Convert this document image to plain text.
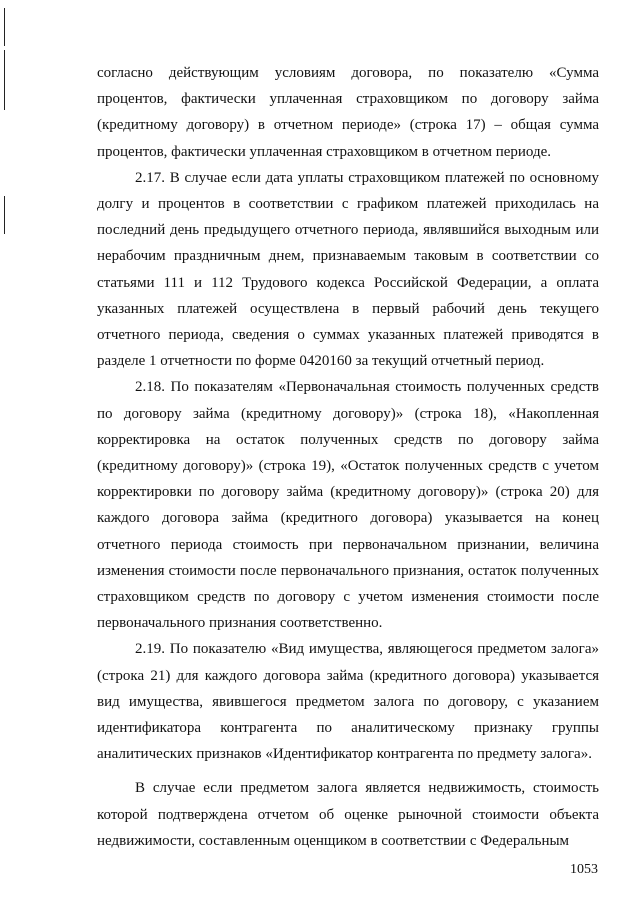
согласно действующим условиям договора, по показателю «Сумма процентов, фактически уплаченная страховщиком по договору займа (кредитному договору) в отчетном периоде» (строка 17) – общая сумма процентов, фактически уплаченная страховщиком в отчетном периоде.

2.17. В случае если дата уплаты страховщиком платежей по основному долгу и процентов в соответствии с графиком платежей приходилась на последний день предыдущего отчетного периода, являвшийся выходным или нерабочим праздничным днем, признаваемым таковым в соответствии со статьями 111 и 112 Трудового кодекса Российской Федерации, а оплата указанных платежей осуществлена в первый рабочий день текущего отчетного периода, сведения о суммах указанных платежей приводятся в разделе 1 отчетности по форме 0420160 за текущий отчетный период.

2.18. По показателям «Первоначальная стоимость полученных средств по договору займа (кредитному договору)» (строка 18), «Накопленная корректировка на остаток полученных средств по договору займа (кредитному договору)» (строка 19), «Остаток полученных средств с учетом корректировки по договору займа (кредитному договору)» (строка 20) для каждого договора займа (кредитного договора) указывается на конец отчетного периода стоимость при первоначальном признании, величина изменения стоимости после первоначального признания, остаток полученных страховщиком средств по договору с учетом изменения стоимости после первоначального признания соответственно.

2.19. По показателю «Вид имущества, являющегося предметом залога» (строка 21) для каждого договора займа (кредитного договора) указывается вид имущества, явившегося предметом залога по договору, с указанием идентификатора контрагента по аналитическому признаку группы аналитических признаков «Идентификатор контрагента по предмету залога».

В случае если предметом залога является недвижимость, стоимость которой подтверждена отчетом об оценке рыночной стоимости объекта недвижимости, составленным оценщиком в соответствии с Федеральным

1053
